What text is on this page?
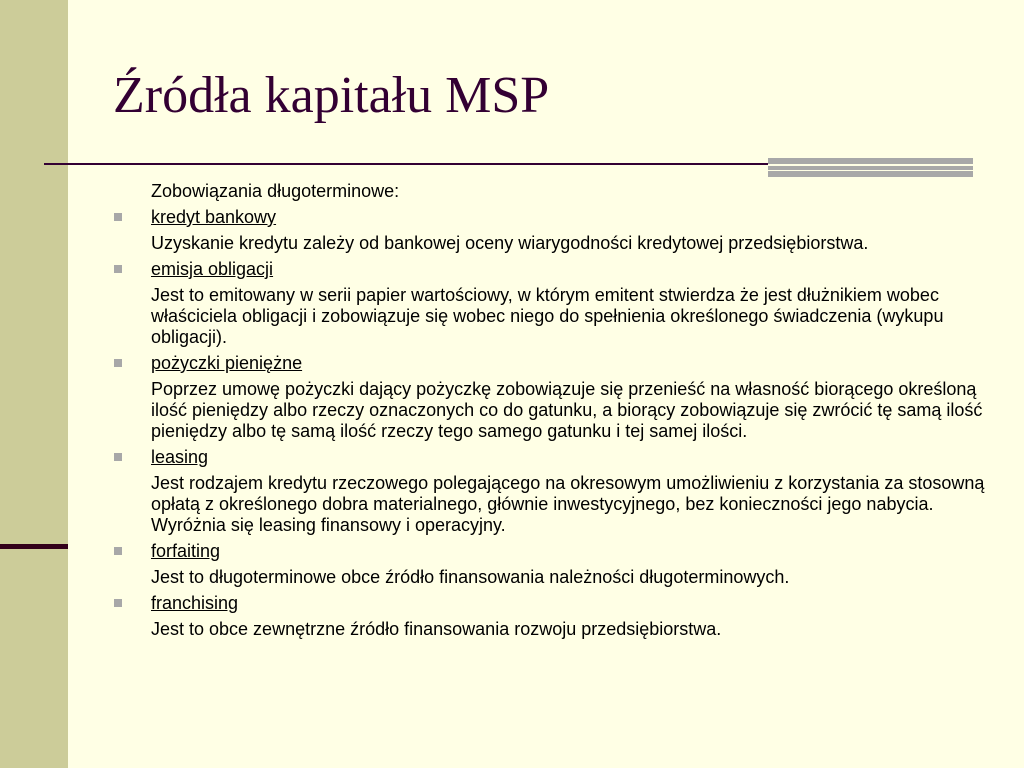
Źródła kapitału MSP
Zobowiązania długoterminowe:
kredyt bankowy
Uzyskanie kredytu zależy od bankowej oceny wiarygodności kredytowej przedsiębiorstwa.
emisja obligacji
Jest to emitowany w serii papier wartościowy, w którym emitent stwierdza że jest dłużnikiem wobec właściciela obligacji i zobowiązuje się wobec niego do spełnienia określonego świadczenia (wykupu obligacji).
pożyczki pieniężne
Poprzez umowę pożyczki dający pożyczkę zobowiązuje się przenieść na własność biorącego określoną ilość pieniędzy albo rzeczy oznaczonych co do gatunku, a biorący zobowiązuje się zwrócić tę samą ilość pieniędzy albo tę samą ilość rzeczy tego samego gatunku i tej samej ilości.
leasing
Jest rodzajem kredytu rzeczowego polegającego na okresowym umożliwieniu z korzystania za stosowną opłatą z określonego dobra materialnego, głównie inwestycyjnego, bez konieczności jego nabycia. Wyróżnia się leasing finansowy i operacyjny.
forfaiting
Jest to długoterminowe obce źródło finansowania należności długoterminowych.
franchising
Jest to obce zewnętrzne źródło finansowania rozwoju przedsiębiorstwa.
